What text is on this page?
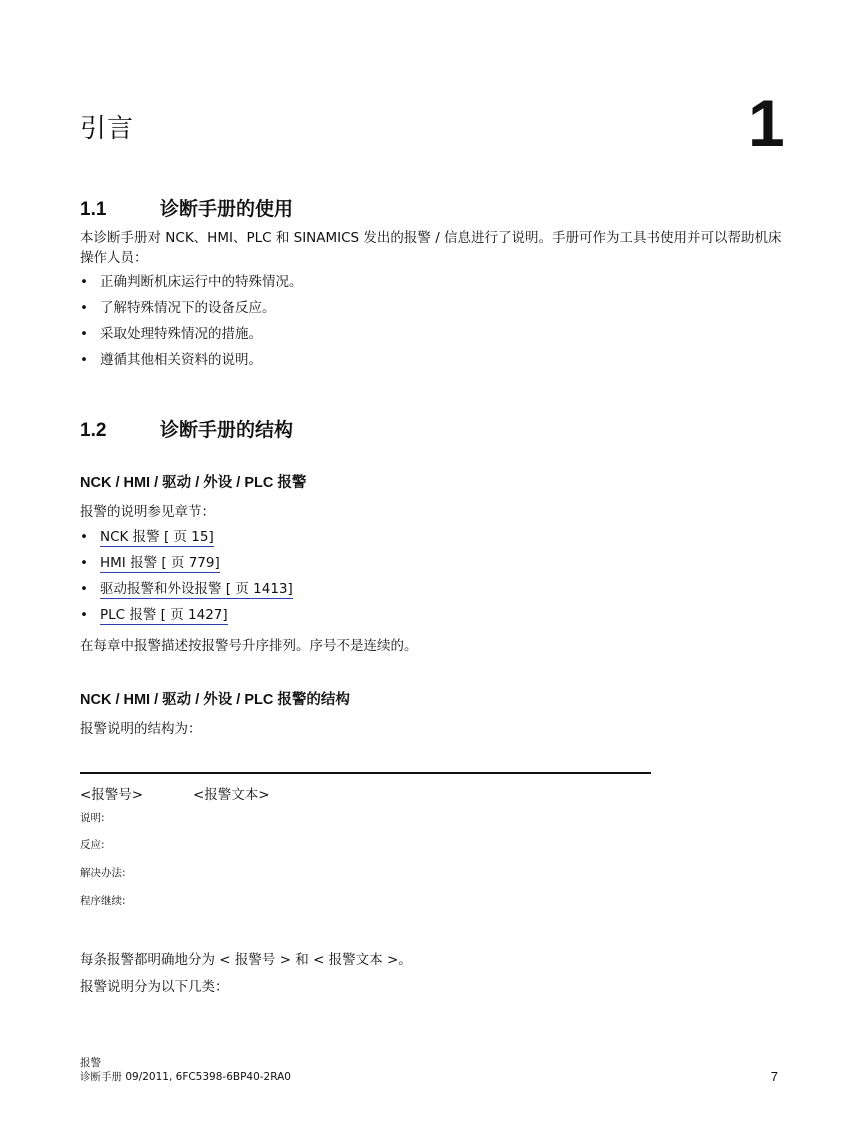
引言	1
1.1	诊断手册的使用

本诊断手册对 NCK、HMI、PLC 和 SINAMICS 发出的报警 / 信息进行了说明。手册可作为工具书使用并可以帮助机床操作人员：

• 正确判断机床运行中的特殊情况。
• 了解特殊情况下的设备反应。
• 采取处理特殊情况的措施。
• 遵循其他相关资料的说明。
1.2	诊断手册的结构
NCK / HMI / 驱动 / 外设 / PLC 报警

报警的说明参见章节：

• NCK 报警 [ 页 15]
• HMI 报警 [ 页 779]
• 驱动报警和外设报警 [ 页 1413]
• PLC 报警 [ 页 1427]

在每章中报警描述按报警号升序排列。序号不是连续的。

NCK / HMI / 驱动 / 外设 / PLC 报警的结构

报警说明的结构为：

<报警号>	<报警文本>
说明:
反应:
解决办法:
程序继续:

每条报警都明确地分为 < 报警号 > 和 < 报警文本 >。

报警说明分为以下几类：

报警
诊断手册 09/2011, 6FC5398-6BP40-2RA0	7
